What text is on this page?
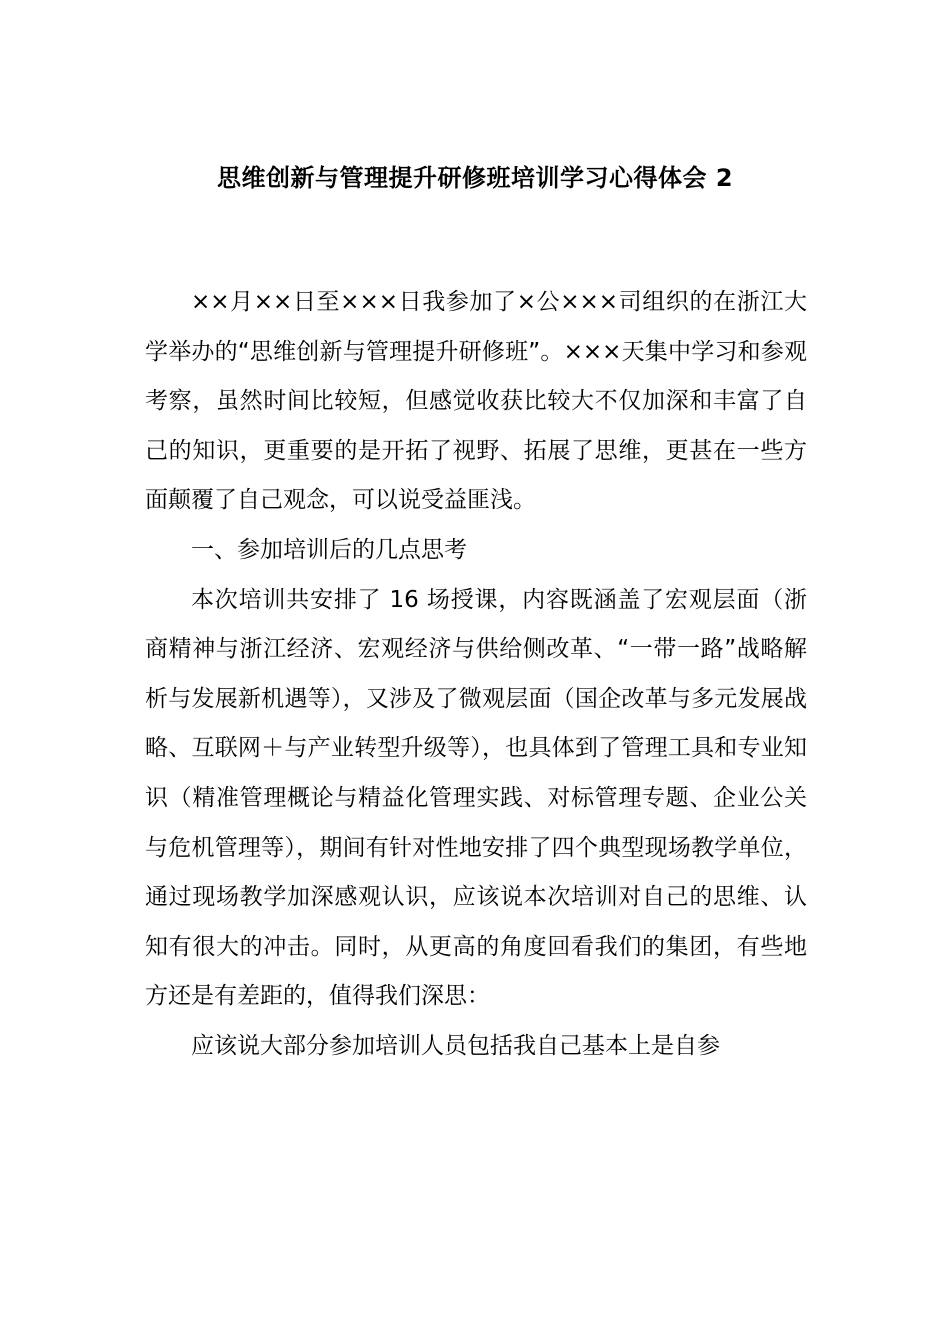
思维创新与管理提升研修班培训学习心得体会 2

××月××日至×××日我参加了×公×××司组织的在浙江大学举办的“思维创新与管理提升研修班”。×××天集中学习和参观考察，虽然时间比较短，但感觉收获比较大不仅加深和丰富了自己的知识，更重要的是开拓了视野、拓展了思维，更甚在一些方面颠覆了自己观念，可以说受益匪浅。

一、参加培训后的几点思考

本次培训共安排了 16 场授课，内容既涵盖了宏观层面（浙商精神与浙江经济、宏观经济与供给侧改革、“一带一路”战略解析与发展新机遇等），又涉及了微观层面（国企改革与多元发展战略、互联网＋与产业转型升级等），也具体到了管理工具和专业知识（精准管理概论与精益化管理实践、对标管理专题、企业公关与危机管理等），期间有针对性地安排了四个典型现场教学单位，通过现场教学加深感观认识，应该说本次培训对自己的思维、认知有很大的冲击。同时，从更高的角度回看我们的集团，有些地方还是有差距的，值得我们深思：

应该说大部分参加培训人员包括我自己基本上是自参
